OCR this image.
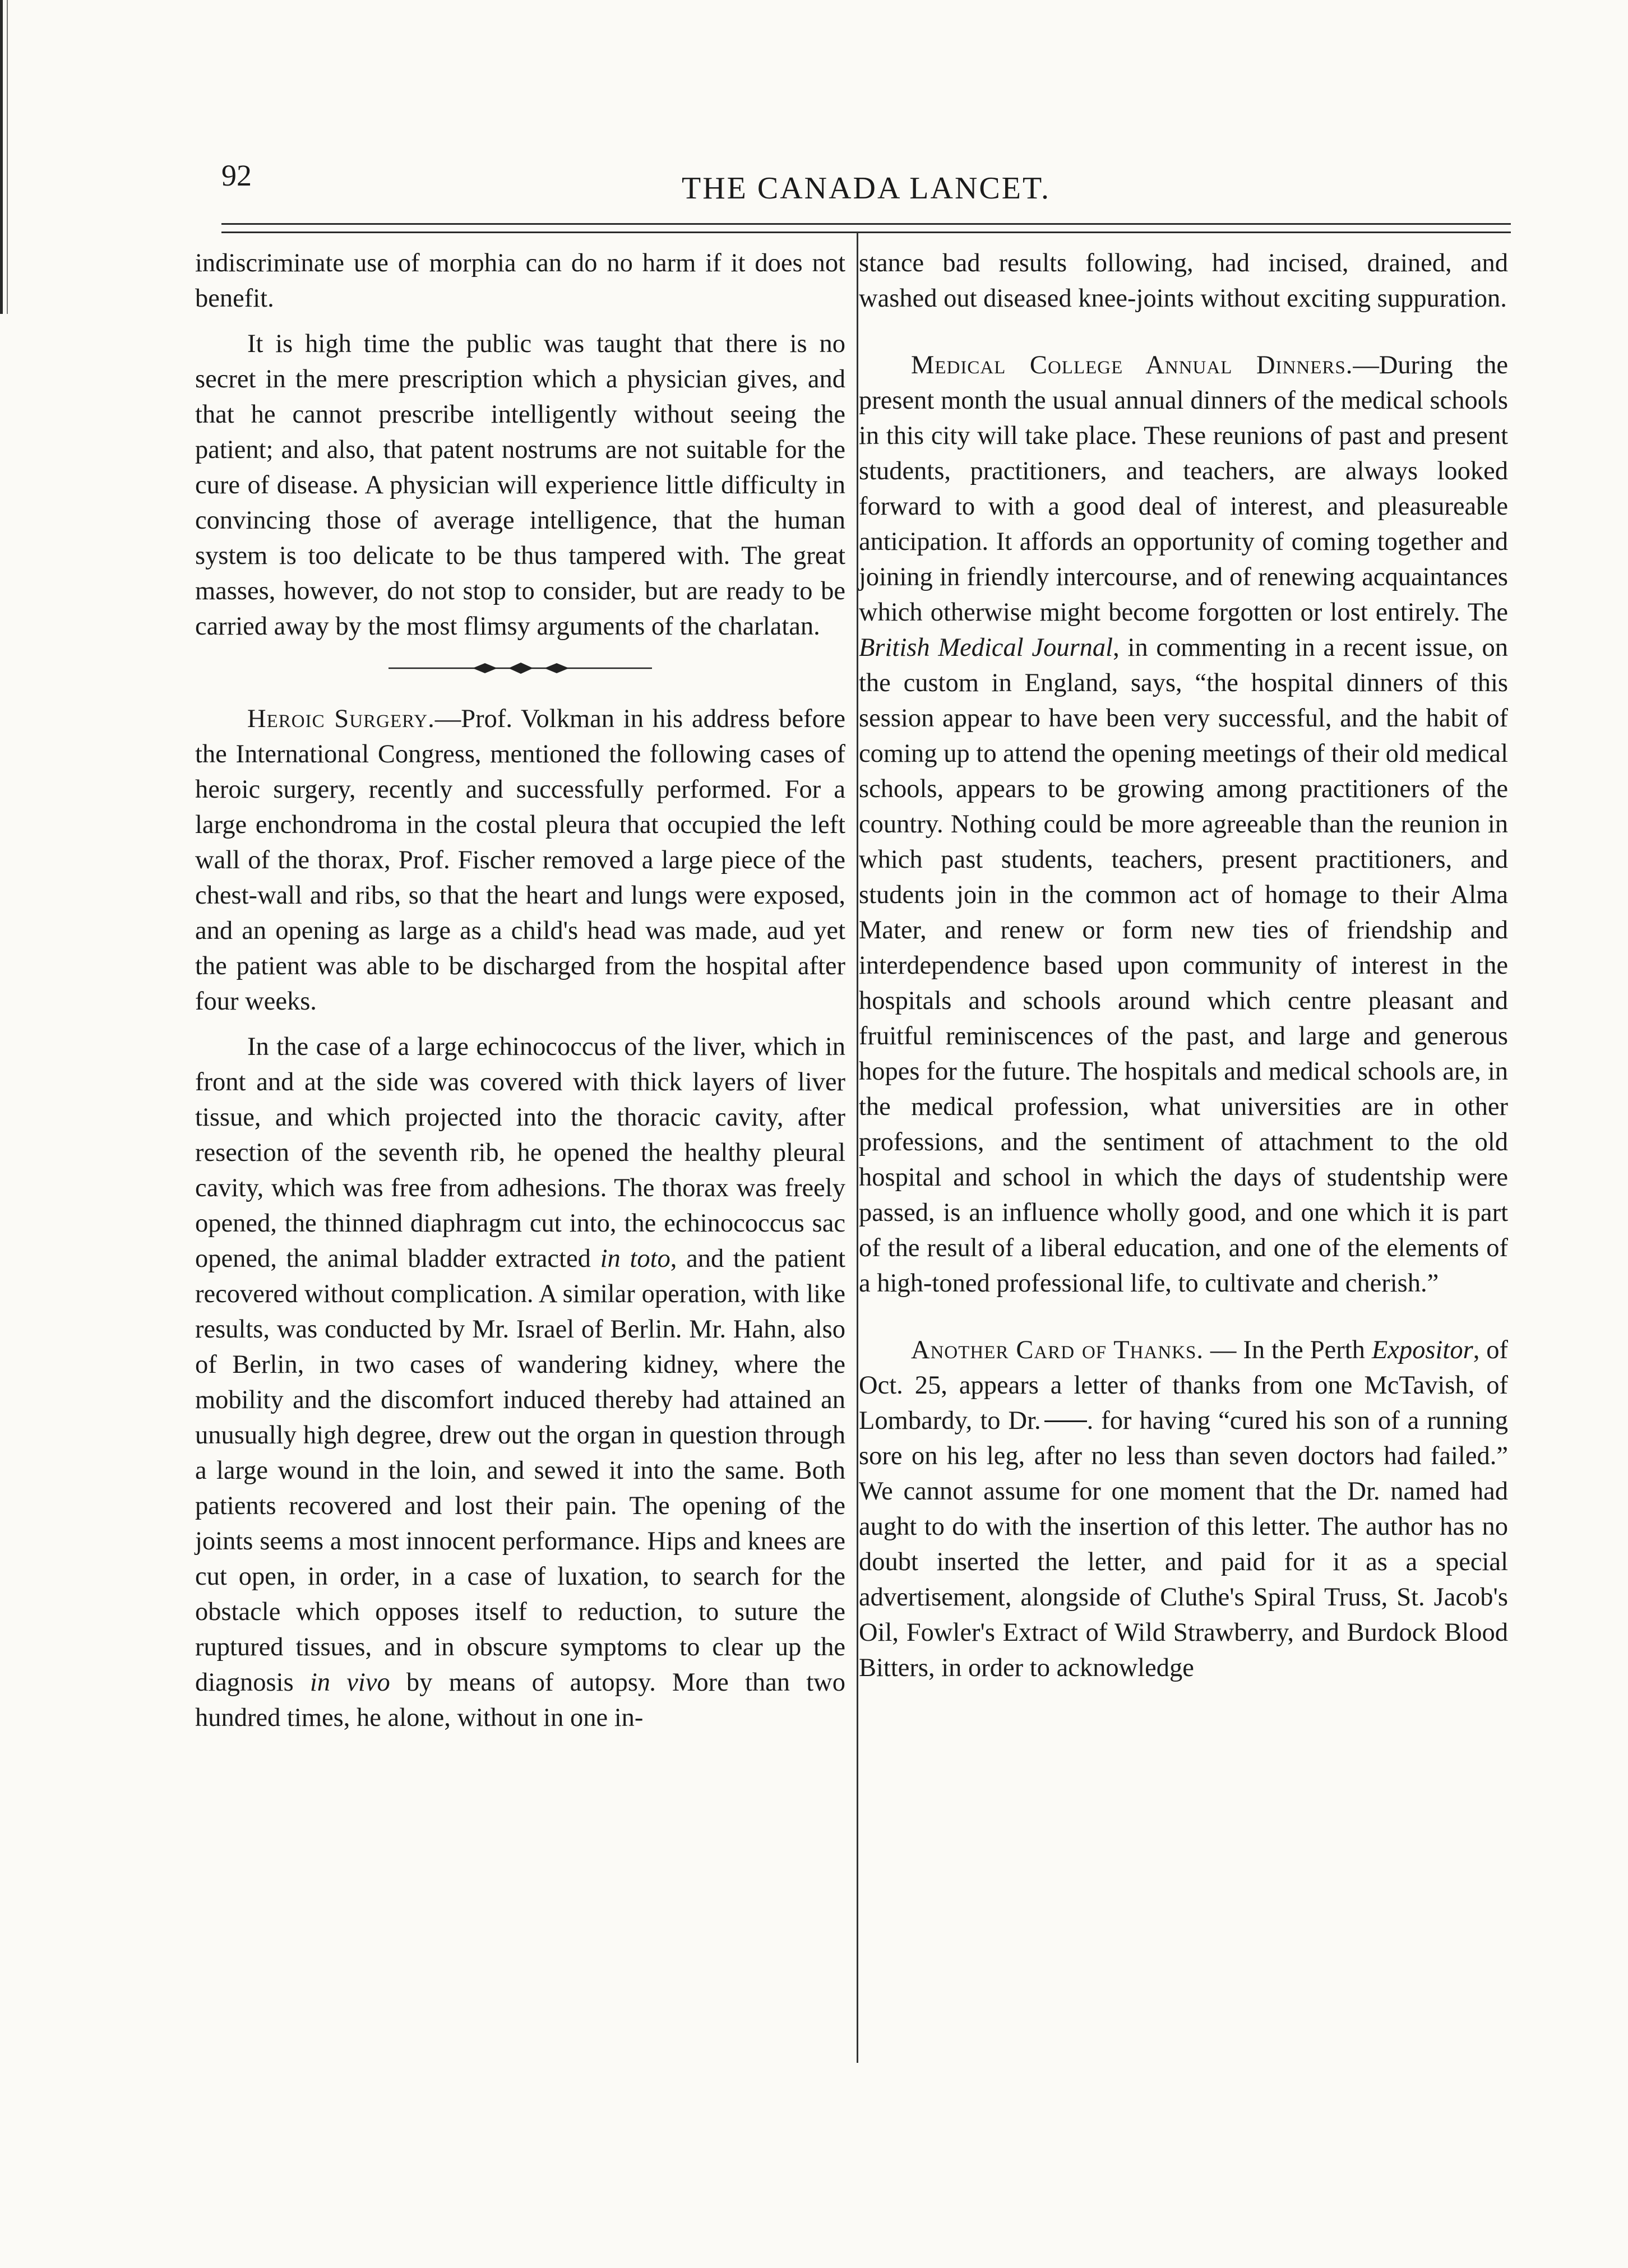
92	THE CANADA LANCET.

indiscriminate use of morphia can do no harm if it does not benefit.

It is high time the public was taught that there is no secret in the mere prescription which a physician gives, and that he cannot prescribe intelligently without seeing the patient; and also, that patent nostrums are not suitable for the cure of disease. A physician will experience little difficulty in convincing those of average intelligence, that the human system is too delicate to be thus tampered with. The great masses, however, do not stop to consider, but are ready to be carried away by the most flimsy arguments of the charlatan.

Heroic Surgery.—Prof. Volkman in his address before the International Congress, mentioned the following cases of heroic surgery, recently and successfully performed. For a large enchondroma in the costal pleura that occupied the left wall of the thorax, Prof. Fischer removed a large piece of the chest-wall and ribs, so that the heart and lungs were exposed, and an opening as large as a child's head was made, aud yet the patient was able to be discharged from the hospital after four weeks.

In the case of a large echinococcus of the liver, which in front and at the side was covered with thick layers of liver tissue, and which projected into the thoracic cavity, after resection of the seventh rib, he opened the healthy pleural cavity, which was free from adhesions. The thorax was freely opened, the thinned diaphragm cut into, the echinococcus sac opened, the animal bladder extracted in toto, and the patient recovered without complication. A similar operation, with like results, was conducted by Mr. Israel of Berlin. Mr. Hahn, also of Berlin, in two cases of wandering kidney, where the mobility and the discomfort induced thereby had attained an unusually high degree, drew out the organ in question through a large wound in the loin, and sewed it into the same. Both patients recovered and lost their pain. The opening of the joints seems a most innocent performance. Hips and knees are cut open, in order, in a case of luxation, to search for the obstacle which opposes itself to reduction, to suture the ruptured tissues, and in obscure symptoms to clear up the diagnosis in vivo by means of autopsy. More than two hundred times, he alone, without in one in-

stance bad results following, had incised, drained, and washed out diseased knee-joints without exciting suppuration.

Medical College Annual Dinners.—During the present month the usual annual dinners of the medical schools in this city will take place. These reunions of past and present students, practitioners, and teachers, are always looked forward to with a good deal of interest, and pleasureable anticipation. It affords an opportunity of coming together and joining in friendly intercourse, and of renewing acquaintances which otherwise might become forgotten or lost entirely. The British Medical Journal, in commenting in a recent issue, on the custom in England, says, “the hospital dinners of this session appear to have been very successful, and the habit of coming up to attend the opening meetings of their old medical schools, appears to be growing among practitioners of the country. Nothing could be more agreeable than the reunion in which past students, teachers, present practitioners, and students join in the common act of homage to their Alma Mater, and renew or form new ties of friendship and interdependence based upon community of interest in the hospitals and schools around which centre pleasant and fruitful reminiscences of the past, and large and generous hopes for the future. The hospitals and medical schools are, in the medical profession, what universities are in other professions, and the sentiment of attachment to the old hospital and school in which the days of studentship were passed, is an influence wholly good, and one which it is part of the result of a liberal education, and one of the elements of a high-toned professional life, to cultivate and cherish.”

Another Card of Thanks. — In the Perth Expositor, of Oct. 25, appears a letter of thanks from one McTavish, of Lombardy, to Dr. . for having “cured his son of a running sore on his leg, after no less than seven doctors had failed.” We cannot assume for one moment that the Dr. named had aught to do with the insertion of this letter. The author has no doubt inserted the letter, and paid for it as a special advertisement, alongside of Cluthe's Spiral Truss, St. Jacob's Oil, Fowler's Extract of Wild Strawberry, and Burdock Blood Bitters, in order to acknowledge
